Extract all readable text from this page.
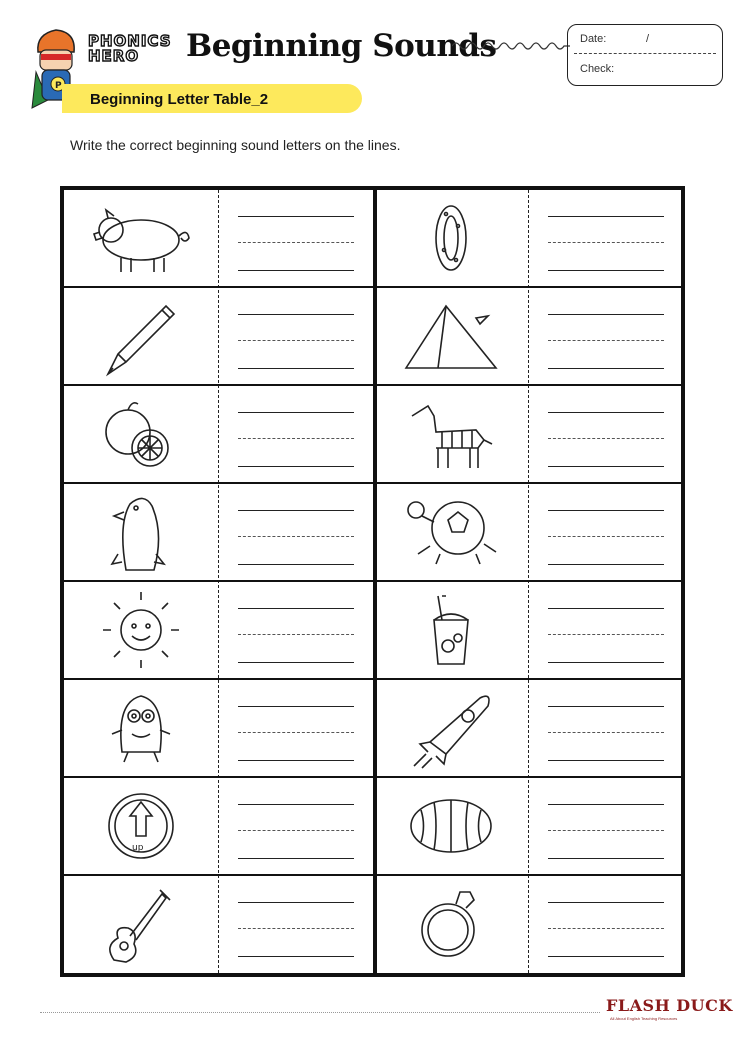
P
PHONICS
HERO	Beginning Sounds
Beginning Letter Table_2
Date:	/
Check:
Write the correct beginning sound letters on the lines.
up
FLASH DUCK
All About English Teaching Resources
